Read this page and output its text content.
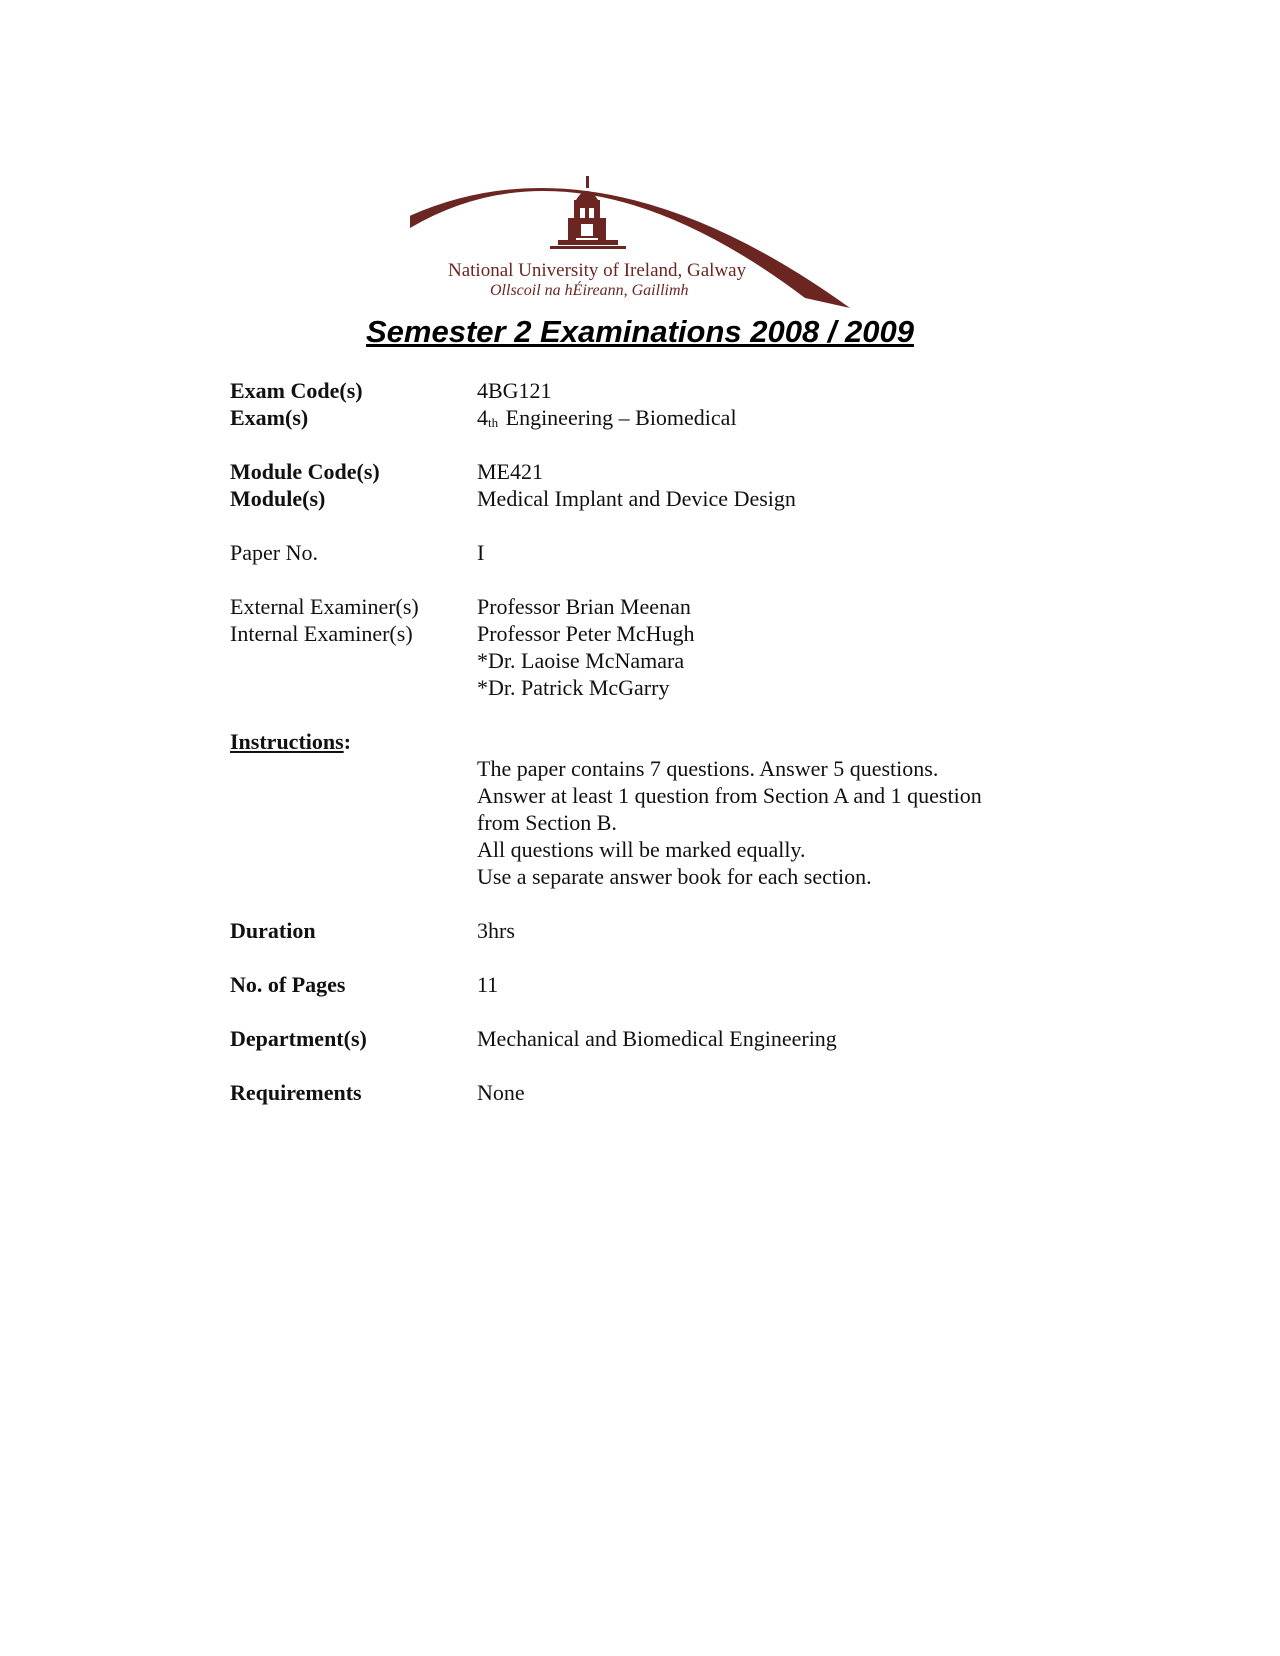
National University of Ireland, Galway
Ollscoil na hÉireann, Gaillimh
Semester 2 Examinations 2008 / 2009
Exam Code(s)	4BG121
Exam(s)	$4_{th}$ Engineering – Biomedical
Module Code(s)	ME421
Module(s)	Medical Implant and Device Design
Paper No.	I
External Examiner(s)	Professor Brian Meenan
Internal Examiner(s)	Professor Peter McHugh
*Dr. Laoise McNamara
*Dr. Patrick McGarry
Instructions:
The paper contains 7 questions. Answer 5 questions.
Answer at least 1 question from Section A and 1 question
from Section B.
All questions will be marked equally.
Use a separate answer book for each section.
Duration	3hrs
No. of Pages	11
Department(s)	Mechanical and Biomedical Engineering
Requirements	None
